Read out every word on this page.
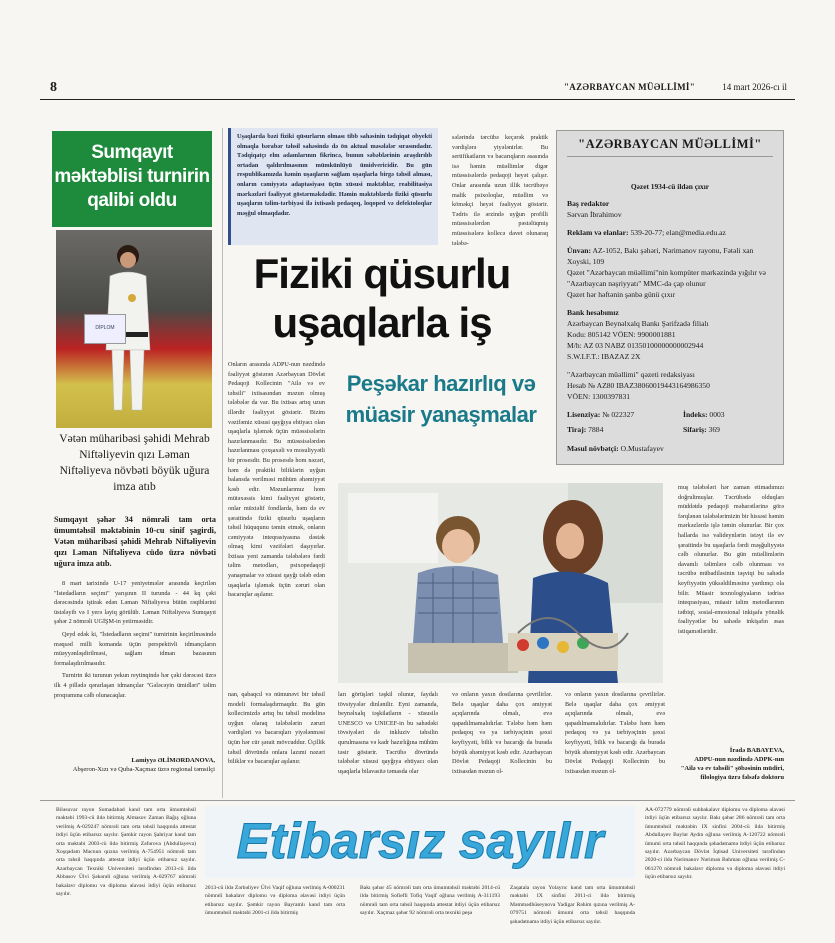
8	"AZƏRBAYCAN MÜƏLLİMİ"	14 mart 2026-cı il
Sumqayıt məktəblisi turnirin qalibi oldu
DİPLOM
Vətən müharibəsi şəhidi Mehrab Niftəliyevin qızı Ləman Niftəliyeva növbəti böyük uğura imza atıb
Sumqayıt şəhər 34 nömrəli tam orta ümumtəhsil məktəbinin 10-cu sinif şagirdi, Vətən müharibəsi şəhidi Mehrab Niftəliyevin qızı Ləman Niftəliyeva cüdo üzrə növbəti uğura imza atıb.

8 mart tarixində U-17 yeniyetmələr arasında keçirilən "İstedadların seçimi" yarışının II turunda - 44 kq çəki dərəcəsində iştirak edən Ləman Niftəliyeva bütün rəqiblərini üstələyib və I yerə layiq görülüb. Ləman Niftəliyeva Sumqayıt şəhər 2 nömrəli UGİŞM-in yetirməsidir.

Qeyd edək ki, "İstedadların seçimi" turnirinin keçirilməsində məqsəd milli komanda üçün perspektivli idmançıların müəyyənləşdirilməsi, sağlam idman bazasının formalaşdırılmasıdır.

Turnirin iki turunun yekun reytinqində hər çəki dərəcəsi üzrə ilk 4 pillədə qərarlaşan idmançılar "Gələcəyin ümidləri" təlim proqramına cəlb olunacaqlar.

Lamiyyə ƏLİMƏRDANOVA,
Abşeron-Xızı və Quba-Xaçmaz üzrə regional təmsilçi
Uşaqlarda bəzi fiziki qüsurların olması tibb sahəsinin tədqiqat obyekti olmaqla bərabər təhsil sahəsində də ön aktual məsələlər sırasındadır. Tədqiqatçı elm adamlarının fikrincə, bunun səbəblərinin araşdırılıb ortadan qaldırılmasının mümkünlüyü ümidvericidir. Bu gün respublikamızda həmin uşaqların sağlam uşaqlarla birgə təhsil alması, onların cəmiyyətə adaptasiyası üçün xüsusi məktəblər, reabilitasiya mərkəzləri fəaliyyət göstərməkdədir. Həmin məktəblərdə fiziki qüsurlu uşaqların təlim-tərbiyəsi ilə ixtisaslı pedaqoq, loqoped və defektoloqlar məşğul olmaqdadır.
sələrində tərcübə keçərək praktik vərdişlərə yiyələnirlər. Bu sertifikatların və bacarıqların əsasında isə həmin müəllimlər digər müəssisələrdə pedaqoji heyət çalışır. Onlar arasında uzun illik təcrübəyə malik psixoloqlar, müəllim və köməkçi heyət fəaliyyət göstərir. Tədris ilə ərzində uyğun profilli müəssisələrdən pəstəlüqmiş müəssisələrə kollecə davet olunaraq tələbə-
Fiziki qüsurlu
uşaqlarla iş
Peşəkar hazırlıq və müasir yanaşmalar
Onların arasında ADPU-nun nəzdində fəaliyyət göstərən Azərbaycan Dövlət Pedaqoji Kollecinin "Ailə və ev təhsili" ixtisasından məzun olmuş tələbələr da var. Bu ixtisas artıq uzun illərdir fəaliyyət göstərir. Bizim vəzifəmiz xüsusi qayğıya ehtiyacı olan uşaqlarla işləmək üçün müəssisələrin hazırlanmasıdır. Bu müəssisələrdən hazırlanması çoxşaxəli və mosuliyyətli bir prosesdir. Bu prosesdə hom nəzəri, həm də praktiki biliklərin uyğun balansda verilməsi mühüm əhəmiyyət kəsb edir. Məzunlarımız hom mütəxəssis kimi fəaliyyət göstərir, onlar müxtəlif fondlarda, həm də ev şəraitində fiziki qüsurlu uşaqların təhsil hüququnu təmin etmək, onların cəmiyyətə inteqrasiyasına dəstək olmaq kimi vəzifələri daşıyırlar. İxtisas yeni zamanda tələbələrə fərdi təlim metodları, psixopedaqoji yanaşmalar və xüsusi qayğı tələb edən uşaqlarla işləmək üçün zəruri olan bacarıqlar aşılanır.
nan, qabaqcıl və nümunəvi bir təhsil modeli formalaşdırmaqdır. Bu gün kollecimizdə artıq bu təhsil modelinə uyğun olaraq tələbələrin zəruri vərdişləri və bacarıqları yiyələnməsi üçün hər cür şərait mövcuddur. Üçillik təhsil dövründə onlara lazımi nəzəri biliklər və bacarıqlar aşılanır.
ları görüşləri təşkil olunur, faydalı tövsiyyələr dinlənilir. Eyni zamanda, beynəlxalq təşkilatların - xüsusilə UNESCO və UNICEF-in bu sahədəki tövsiyələri də inkluziv təhsilin qurulmasına və kadr hazırlığına mühüm təsir göstərir. Təcrübə dövründə tələbələr xüsusi qayğıya ehtiyacı olan uşaqlarla bilavasitə təmasda olar
və onların yaxın dostlarına çevrilirlər. Belə uşaqlar daha çox əmiyyət açıqlarında olmalı, evə qapadılmamalıdırlar. Tələbə həm həm pedaqoq və ya tərbiyəçinin şəxsi keyfiyyəti, bilik və bacarığı da burada böyük əhəmiyyət kəsb edir. Azərbaycan Dövlət Pedaqoji Kollecinin bu ixtisasdan məzun ol-
və onların yaxın dostlarına çevrilirlər. Belə uşaqlar daha çox əmiyyət açıqlarında olmalı, evə qapadılmamalıdırlar. Tələbə həm həm pedaqoq və ya tərbiyəçinin şəxsi keyfiyyəti, bilik və bacarığı da burada böyük əhəmiyyət kəsb edir. Azərbaycan Dövlət Pedaqoji Kollecinin bu ixtisasdan məzun ol-
muş tələbələri hər zaman etimadımızı doğrultmuşlar. Təcrübədə olduqları müddətdə pedaqoji məharətlərinə görə fərqlənən tələbələrimizin bir hissəsi həmin mərkəzlərdə işlə təmin olunurlar. Bir çox hallarda isə valideynlərin istəyi ilə ev şəraitində bu uşaqlarla fərdi məşğuliyyətə cəlb olunurlar. Bu gün müəllimlərin davamlı təlimlərə cəlb olunması və təcrübə mübadiləsinin təşviqi bu sahədə keyfiyyətin yüksəldilməsinə yardımçı ola bilir. Müasir texnologiyaların tədrisə inteqrasiyası, müasir təlim metodlarının tətbiqi, sosial-emosional inkişafa yönəlik fəaliyyətlər bu sahədə inkişafın əsas istiqamətləridir.
İradə BABAYEVA,
ADPU-nun nəzdində ADPK-nın "Ailə və ev təhsili" şöbəsinin müdiri, filologiya üzrə fəlsəfə doktoru
"AZƏRBAYCAN MÜƏLLİMİ"
Qəzet 1934-cü ildən çıxır
Baş redaktor
Sərvan İbrahimov
Reklam və elanlar: 539-20-77; elan@media.edu.az
Ünvan: AZ-1052, Bakı şəhəri, Nərimanov rayonu, Fətəli xan Xoyski, 109
Qəzet "Azərbaycan müəllimi"nin kompüter mərkəzində yığılır və "Azərbaycan nəşriyyatı" MMC-də çap olunur
Qəzet hər həftənin şənbə günü çıxır
Bank hesabımız
Azərbaycan Beynəlxalq Bankı Şərifzadə filialı
Kodu: 805142 VÖEN: 9900001881
M/h: AZ 03 NABZ 01350100000000002944
S.W.I.F.T.: IBAZAZ 2X
"Azərbaycan müəllimi" qəzeti redaksiyası
Hesab № AZ80 IBAZ38060019443164986350
VÖEN: 1300397831
Lisenziya: № 022327	İndeks: 0003
Tiraj: 7884	Sifariş: 369
Məsul növbətçi: O.Mustafayev
Biləsuvar rayon Sumadabad kənd tam orta ümumtəhsil məktəbi 1993-cü ildə bitirmiş Almasov Zaman Bağış oğluna verilmiş A-029247 nömrəli tam orta təhsil haqqında attestat itdiyi üçün etibarsız sayılır. Şəmkir rayon Şahriyar kənd tam orta məktəbi 2003-cü ildə bitirmiş Zəfərova (Abdullayeva) Xoşqədəm Məcnun qızına verilmiş A-754951 nömrəli tam orta təhsil haqqında attestat itdiyi üçün etibarsız sayılır. Azərbaycan Texniki Universiteti tərəfindən 2013-cü ildə Abbasov Ülvi Şəkərəli oğluna verilmiş A-029767 nömrəli bakalavr diplomu və diploma əlavəsi itdiyi üçün etibarsız sayılır.
Etibarsız sayılır
2013-cü ildə Zərbəliyev Ülvi Vaqif oğluna verilmiş A-000231 nömrəli bakalavr diplomu və diploma əlavəsi itdiyi üçün etibarsız sayılır. Şəmkir rayon Bayramlı kənd tam orta ümumtəhsil məktəbi 2001-ci ildə bitirmiş
Bakı şəhər 45 nömrəli tam orta ümumtəhsil məktəbi 2014-cü ildə bitirmiş Sofiefli Tofiq Vaqif oğluna verilmiş A-311193 nömrəli tam orta təhsil haqqında attestat itdiyi üçün etibarsız sayılır. Xaçmaz şəhər 92 nömrəli orta texniki peşə
Zaqatala rayon Yolayrıc kənd tam orta ümumtəhsil məktəbi IX sinfini 2011-ci ildə bitirmiş Məmmədhüseynova Yadigar Rəhim qızına verilmiş A-079751 nömrəli ümumi orta təhsil haqqında şəhadətnamə itdiyi üçün etibarsız sayılır.
AA-072779 nömrəli subbakalavr diplomu və diploma əlavəsi itdiyi üçün etibarsız sayılır. Bakı şəhər 286 nömrəli tam orta ümumtəhsil məktəbin IX sinfini 2004-cü ildə bitirmiş Abdullayev Bəylər Aydın oğluna verilmiş A-120722 nömrəli ümumi orta təhsil haqqında şəhadətnamə itdiyi üçün etibarsız sayılır. Azərbaycan Dövlət İqtisad Universiteti tərəfindən 2020-ci ildə Nərimanov Nərimən Bəhman oğluna verilmiş C-061270 nömrəli bakalavr diplomu və diploma əlavəsi itdiyi üçün etibarsız sayılır.
